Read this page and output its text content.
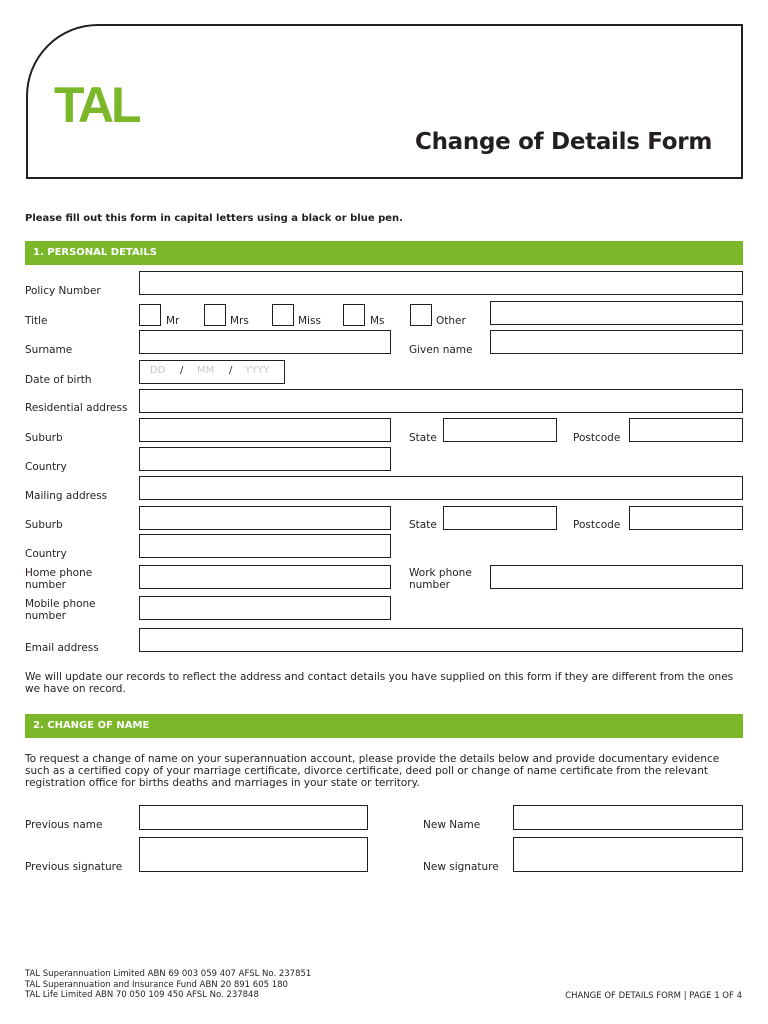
TAL
Change of Details Form
Please fill out this form in capital letters using a black or blue pen.
1. PERSONAL DETAILS
Policy Number
Title	Mr	Mrs	Miss	Ms	Other
Surname	Given name
Date of birth
DD / MM / YYYY
Residential address
Suburb	State	Postcode
Country
Mailing address
Suburb	State	Postcode
Country
Home phone
number
Work phone
number
Mobile phone
number
Email address
We will update our records to reflect the address and contact details you have supplied on this form if they are different from the ones we have on record.
2. CHANGE OF NAME
To request a change of name on your superannuation account, please provide the details below and provide documentary evidence such as a certified copy of your marriage certificate, divorce certificate, deed poll or change of name certificate from the relevant registration office for births deaths and marriages in your state or territory.
Previous name	New Name
Previous signature	New signature
TAL Superannuation Limited ABN 69 003 059 407 AFSL No. 237851
TAL Superannuation and Insurance Fund ABN 20 891 605 180
TAL Life Limited ABN 70 050 109 450 AFSL No. 237848	CHANGE OF DETAILS FORM | PAGE 1 OF 4
